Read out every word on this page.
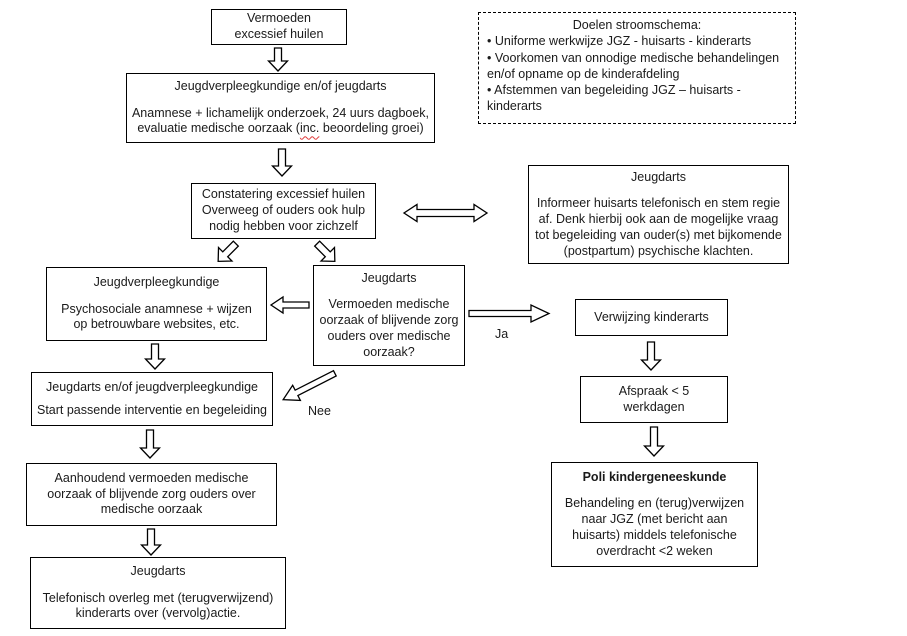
Vermoeden excessief huilen
Doelen stroomschema:
• Uniforme werkwijze JGZ - huisarts - kinderarts
• Voorkomen van onnodige medische behandelingen en/of opname op de kinderafdeling
• Afstemmen van begeleiding JGZ – huisarts - kinderarts
Jeugdverpleegkundige en/of jeugdarts
Anamnese + lichamelijk onderzoek, 24 uurs dagboek,
evaluatie medische oorzaak (inc. beoordeling groei)
Constatering excessief huilen
Overweeg of ouders ook hulp nodig hebben voor zichzelf
Jeugdarts
Informeer huisarts telefonisch en stem regie af. Denk hierbij ook aan de mogelijke vraag tot begeleiding van ouder(s) met bijkomende (postpartum) psychische klachten.
Jeugdverpleegkundige
Psychosociale anamnese + wijzen op betrouwbare websites, etc.
Jeugdarts
Vermoeden medische oorzaak of blijvende zorg ouders over medische oorzaak?
Ja
Verwijzing kinderarts
Afspraak < 5 werkdagen
Poli kindergeneeskunde
Behandeling en (terug)verwijzen naar JGZ (met bericht aan huisarts) middels telefonische overdracht <2 weken
Nee
Jeugdarts en/of jeugdverpleegkundige
Start passende interventie en begeleiding
Aanhoudend vermoeden medische oorzaak of blijvende zorg ouders over medische oorzaak
Jeugdarts
Telefonisch overleg met (terugverwijzend) kinderarts over (vervolg)actie.
